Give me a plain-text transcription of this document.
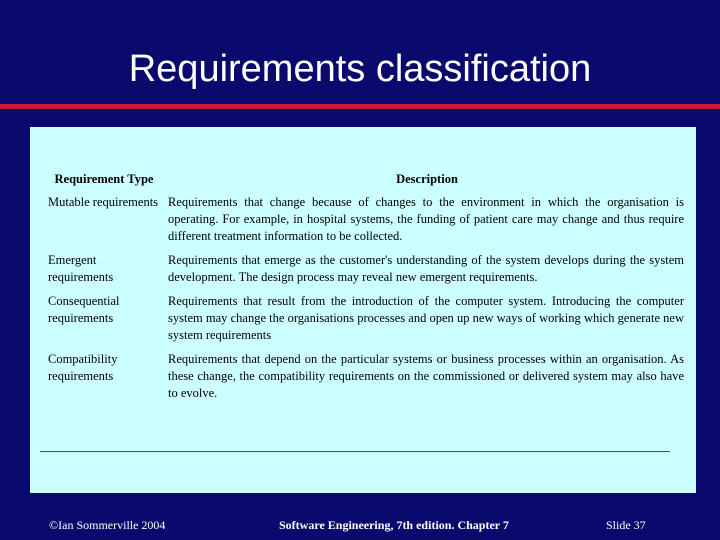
Requirements classification
Requirement Type	Description
Mutable requirements	Requirements that change because of changes to the environment in which the organisation is operating. For example, in hospital systems, the funding of patient care may change and thus require different treatment information to be collected.
Emergent requirements	Requirements that emerge as the customer's understanding of the system develops during the system development. The design process may reveal new emergent requirements.
Consequential requirements	Requirements that result from the introduction of the computer system. Introducing the computer system may change the organisations processes and open up new ways of working which generate new system requirements
Compatibility requirements	Requirements that depend on the particular systems or business processes within an organisation. As these change, the compatibility requirements on the commissioned or delivered system may also have to evolve.
©Ian Sommerville 2004	Software Engineering, 7th edition. Chapter 7	Slide 37
